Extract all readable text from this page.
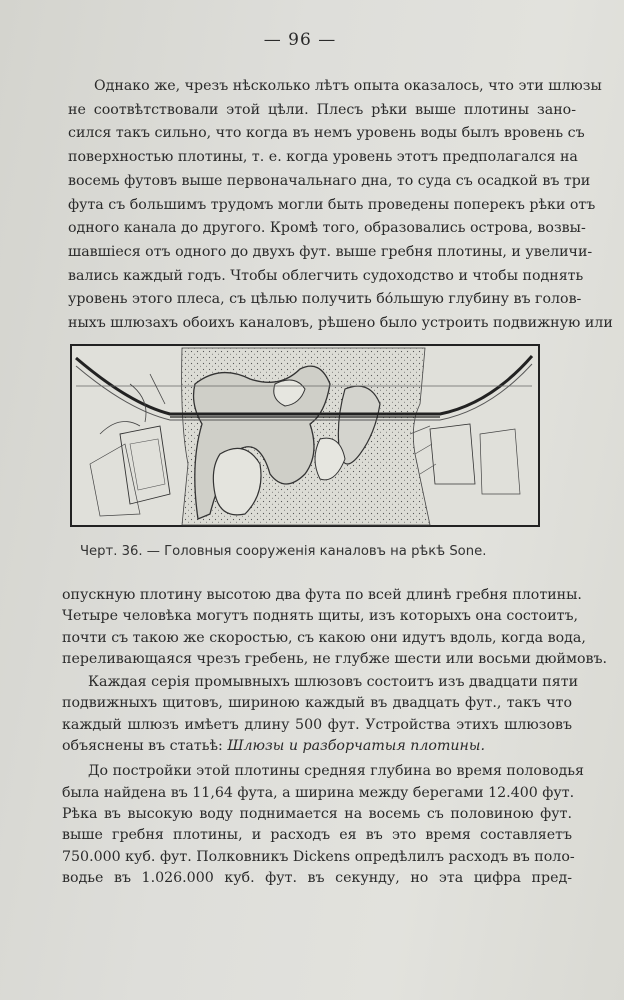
— 96 —
Однако же, чрезъ нѣсколько лѣтъ опыта оказалось, что эти шлюзы
не соотвѣтствовали этой цѣли. Плесъ рѣки выше плотины зано-
сился такъ сильно, что когда въ немъ уровень воды былъ вровень съ
поверхностью плотины, т. е. когда уровень этотъ предполагался на
восемь футовъ выше первоначальнаго дна, то суда съ осадкой въ три
фута съ большимъ трудомъ могли быть проведены поперекъ рѣки отъ
одного канала до другого. Кромѣ того, образовались острова, возвы-
шавшіеся отъ одного до двухъ фут. выше гребня плотины, и увеличи-
вались каждый годъ. Чтобы облегчить судоходство и чтобы поднять
уровень этого плеса, съ цѣлью получить бо́льшую глубину въ голов-
ныхъ шлюзахъ обоихъ каналовъ, рѣшено было устроить подвижную или
Черт. 36. — Головныя сооруженія каналовъ на рѣкѣ Sone.
опускную плотину высотою два фута по всей длинѣ гребня плотины.
Четыре человѣка могутъ поднять щиты, изъ которыхъ она состоитъ,
почти съ такою же скоростью, съ какою они идутъ вдоль, когда вода,
переливающаяся чрезъ гребень, не глубже шести или восьми дюймовъ.
Каждая серія промывныхъ шлюзовъ состоитъ изъ двадцати пяти
подвижныхъ щитовъ, шириною каждый въ двадцать фут., такъ что
каждый шлюзъ имѣетъ длину 500 фут. Устройства этихъ шлюзовъ
объяснены въ статьѣ: Шлюзы и разборчатыя плотины.
До постройки этой плотины средняя глубина во время половодья
была найдена въ 11,64 фута, а ширина между берегами 12.400 фут.
Рѣка въ высокую воду поднимается на восемь съ половиною фут.
выше гребня плотины, и расходъ ея въ это время составляетъ
750.000 куб. фут. Полковникъ Dickens опредѣлилъ расходъ въ поло-
водье въ 1.026.000 куб. фут. въ секунду, но эта цифра пред-
